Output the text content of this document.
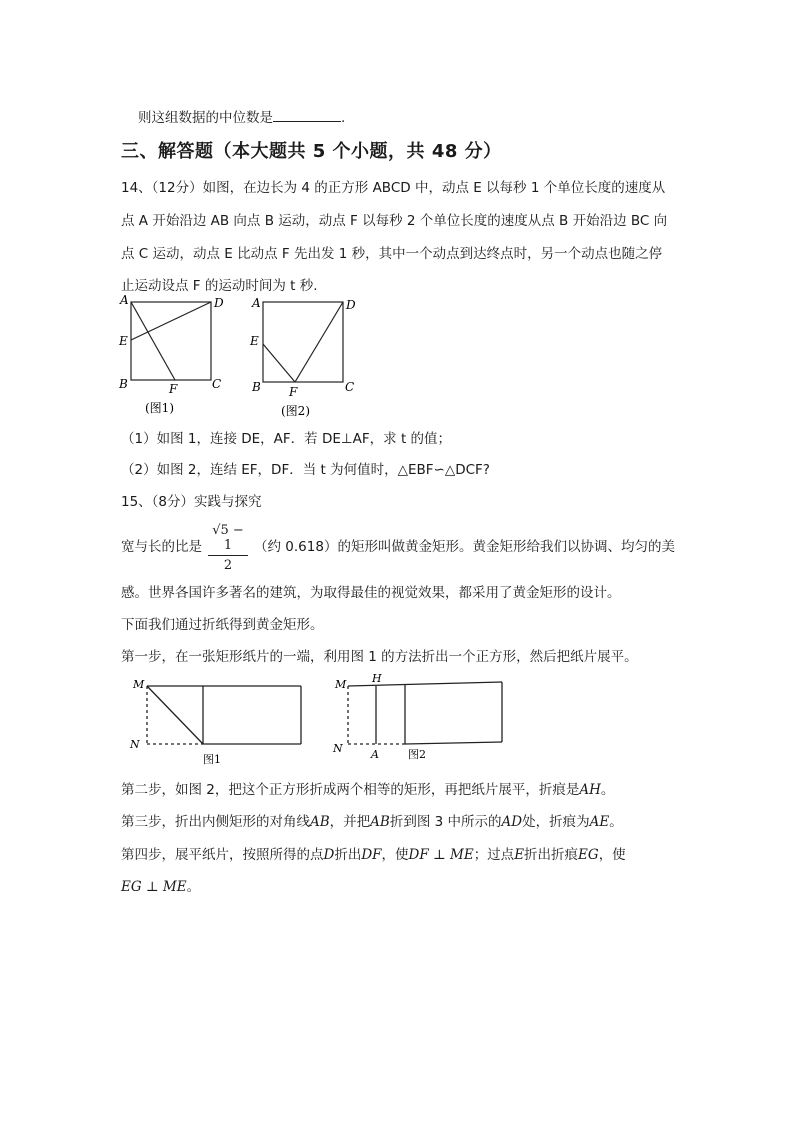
则这组数据的中位数是	.
三、解答题（本大题共 5 个小题，共 48 分）
14、（12分）如图，在边长为 4 的正方形 ABCD 中，动点 E 以每秒 1 个单位长度的速度从
点 A 开始沿边 AB 向点 B 运动，动点 F 以每秒 2 个单位长度的速度从点 B 开始沿边 BC 向
点 C 运动，动点 E 比动点 F 先出发 1 秒，其中一个动点到达终点时，另一个动点也随之停
止运动设点 F 的运动时间为 t 秒.
A	D
E
B	F	C
(图1)
A	D
E
B F	C
(图2)
（1）如图 1，连接 DE，AF．若 DE⊥AF，求 t 的值；
（2）如图 2，连结 EF，DF．当 t 为何值时，△EBF∽△DCF?
15、（8分）实践与探究
宽与长的比是 $\frac{√5 - 1}{2}$ （约 0.618）的矩形叫做黄金矩形。黄金矩形给我们以协调、均匀的美
感。世界各国许多著名的建筑，为取得最佳的视觉效果，都采用了黄金矩形的设计。
下面我们通过折纸得到黄金矩形。
第一步，在一张矩形纸片的一端，利用图 1 的方法折出一个正方形，然后把纸片展平。
M
N
图1
M H
N	A	图2
第二步，如图 2，把这个正方形折成两个相等的矩形，再把纸片展平，折痕是AH。
第三步，折出内侧矩形的对角线AB，并把AB折到图 3 中所示的AD处，折痕为AE。
第四步，展平纸片，按照所得的点D折出DF，使DF ⊥ ME；过点E折出折痕EG，使
EG ⊥ ME。
